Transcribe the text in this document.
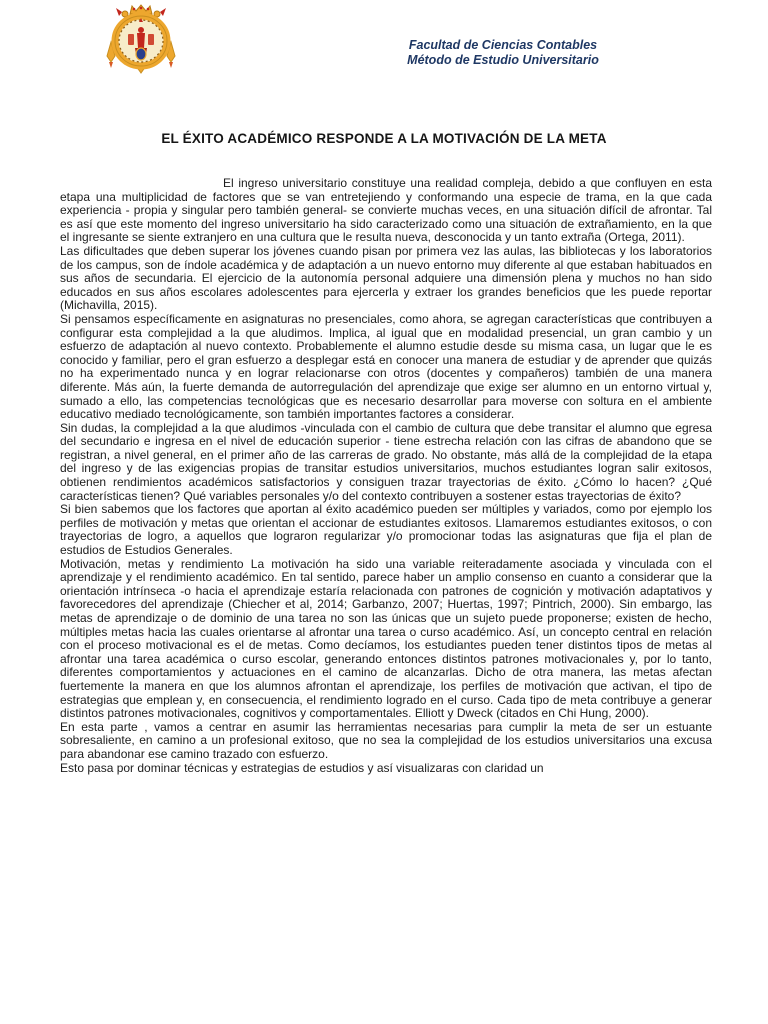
Facultad de Ciencias Contables
Método de Estudio Universitario
EL ÉXITO ACADÉMICO RESPONDE A LA MOTIVACIÓN DE LA META

El ingreso universitario constituye una realidad compleja, debido a que confluyen en esta etapa una multiplicidad de factores que se van entretejiendo y conformando una especie de trama, en la que cada experiencia - propia y singular pero también general- se convierte muchas veces, en una situación difícil de afrontar. Tal es así que este momento del ingreso universitario ha sido caracterizado como una situación de extrañamiento, en la que el ingresante se siente extranjero en una cultura que le resulta nueva, desconocida y un tanto extraña (Ortega, 2011).

Las dificultades que deben superar los jóvenes cuando pisan por primera vez las aulas, las bibliotecas y los laboratorios de los campus, son de índole académica y de adaptación a un nuevo entorno muy diferente al que estaban habituados en sus años de secundaria. El ejercicio de la autonomía personal adquiere una dimensión plena y muchos no han sido educados en sus años escolares adolescentes para ejercerla y extraer los grandes beneficios que les puede reportar (Michavilla, 2015).

Si pensamos específicamente en asignaturas no presenciales, como ahora, se agregan características que contribuyen a configurar esta complejidad a la que aludimos. Implica, al igual que en modalidad presencial, un gran cambio y un esfuerzo de adaptación al nuevo contexto. Probablemente el alumno estudie desde su misma casa, un lugar que le es conocido y familiar, pero el gran esfuerzo a desplegar está en conocer una manera de estudiar y de aprender que quizás no ha experimentado nunca y en lograr relacionarse con otros (docentes y compañeros) también de una manera diferente. Más aún, la fuerte demanda de autorregulación del aprendizaje que exige ser alumno en un entorno virtual y, sumado a ello, las competencias tecnológicas que es necesario desarrollar para moverse con soltura en el ambiente educativo mediado tecnológicamente, son también importantes factores a considerar.

Sin dudas, la complejidad a la que aludimos -vinculada con el cambio de cultura que debe transitar el alumno que egresa del secundario e ingresa en el nivel de educación superior - tiene estrecha relación con las cifras de abandono que se registran, a nivel general, en el primer año de las carreras de grado. No obstante, más allá de la complejidad de la etapa del ingreso y de las exigencias propias de transitar estudios universitarios, muchos estudiantes logran salir exitosos, obtienen rendimientos académicos satisfactorios y consiguen trazar trayectorias de éxito. ¿Cómo lo hacen? ¿Qué características tienen? Qué variables personales y/o del contexto contribuyen a sostener estas trayectorias de éxito?

Si bien sabemos que los factores que aportan al éxito académico pueden ser múltiples y variados, como por ejemplo los perfiles de motivación y metas que orientan el accionar de estudiantes exitosos. Llamaremos estudiantes exitosos, o con trayectorias de logro, a aquellos que lograron regularizar y/o promocionar todas las asignaturas que fija el plan de estudios de Estudios Generales.

Motivación, metas y rendimiento La motivación ha sido una variable reiteradamente asociada y vinculada con el aprendizaje y el rendimiento académico. En tal sentido, parece haber un amplio consenso en cuanto a considerar que la orientación intrínseca -o hacia el aprendizaje estaría relacionada con patrones de cognición y motivación adaptativos y favorecedores del aprendizaje (Chiecher et al, 2014; Garbanzo, 2007; Huertas, 1997; Pintrich, 2000). Sin embargo, las metas de aprendizaje o de dominio de una tarea no son las únicas que un sujeto puede proponerse; existen de hecho, múltiples metas hacia las cuales orientarse al afrontar una tarea o curso académico. Así, un concepto central en relación con el proceso motivacional es el de metas. Como decíamos, los estudiantes pueden tener distintos tipos de metas al afrontar una tarea académica o curso escolar, generando entonces distintos patrones motivacionales y, por lo tanto, diferentes comportamientos y actuaciones en el camino de alcanzarlas. Dicho de otra manera, las metas afectan fuertemente la manera en que los alumnos afrontan el aprendizaje, los perfiles de motivación que activan, el tipo de estrategias que emplean y, en consecuencia, el rendimiento logrado en el curso. Cada tipo de meta contribuye a generar distintos patrones motivacionales, cognitivos y comportamentales. Elliott y Dweck (citados en Chi Hung, 2000).

En esta parte , vamos a centrar en asumir las herramientas necesarias para cumplir la meta de ser un estuante sobresaliente, en camino a un profesional exitoso, que no sea la complejidad de los estudios universitarios una excusa para abandonar ese camino trazado con esfuerzo.

Esto pasa por dominar técnicas y estrategias de estudios y así visualizaras con claridad un
